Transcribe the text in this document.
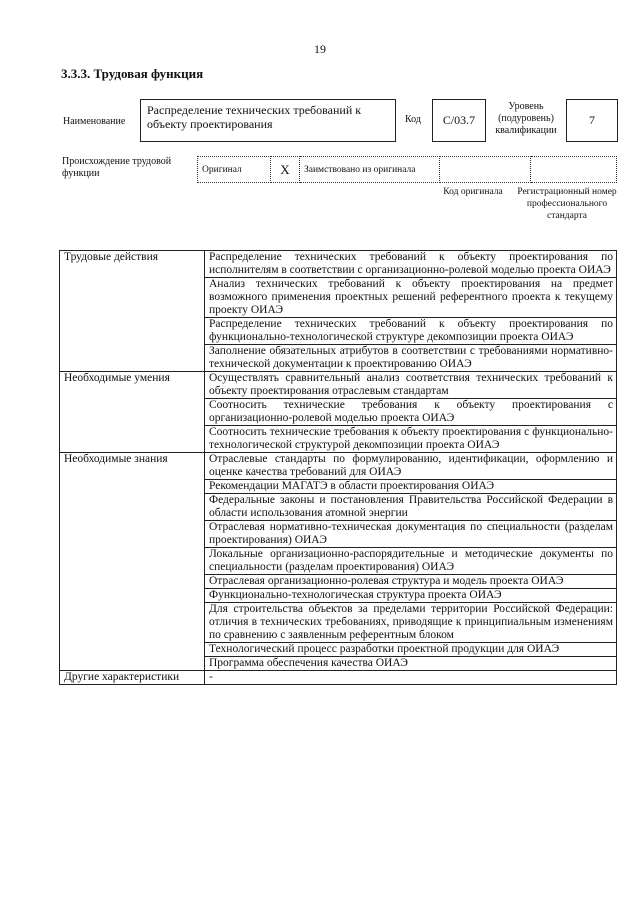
19
3.3.3. Трудовая функция
Наименование
Распределение технических требований к объекту проектирования	Код	С/03.7
Уровень (подуровень) квалификации
7
Происхождение трудовой функции	Оригинал	X	Заимствовано из оригинала		
Код оригинала	Регистрационный номер профессионального стандарта
Трудовые действия	Распределение технических требований к объекту проектирования по исполнителям в соответствии с организационно-ролевой моделью проекта ОИАЭ
	Анализ технических требований к объекту проектирования на предмет возможного применения проектных решений референтного проекта к текущему проекту ОИАЭ
	Распределение технических требований к объекту проектирования по функционально-технологической структуре декомпозиции проекта ОИАЭ
	Заполнение обязательных атрибутов в соответствии с требованиями нормативно-технической документации к проектированию ОИАЭ
Необходимые умения	Осуществлять сравнительный анализ соответствия технических требований к объекту проектирования отраслевым стандартам
	Соотносить технические требования к объекту проектирования с организационно-ролевой моделью проекта ОИАЭ
	Соотносить технические требования к объекту проектирования с функционально-технологической структурой декомпозиции проекта ОИАЭ
Необходимые знания	Отраслевые стандарты по формулированию, идентификации, оформлению и оценке качества требований для ОИАЭ
	Рекомендации МАГАТЭ в области проектирования ОИАЭ
	Федеральные законы и постановления Правительства Российской Федерации в области использования атомной энергии
	Отраслевая нормативно-техническая документация по специальности (разделам проектирования) ОИАЭ
	Локальные организационно-распорядительные и методические документы по специальности (разделам проектирования) ОИАЭ
	Отраслевая организационно-ролевая структура и модель проекта ОИАЭ
	Функционально-технологическая структура проекта ОИАЭ
	Для строительства объектов за пределами территории Российской Федерации: отличия в технических требованиях, приводящие к принципиальным изменениям по сравнению с заявленным референтным блоком
	Технологический процесс разработки проектной продукции для ОИАЭ
	Программа обеспечения качества ОИАЭ
Другие характеристики	-
